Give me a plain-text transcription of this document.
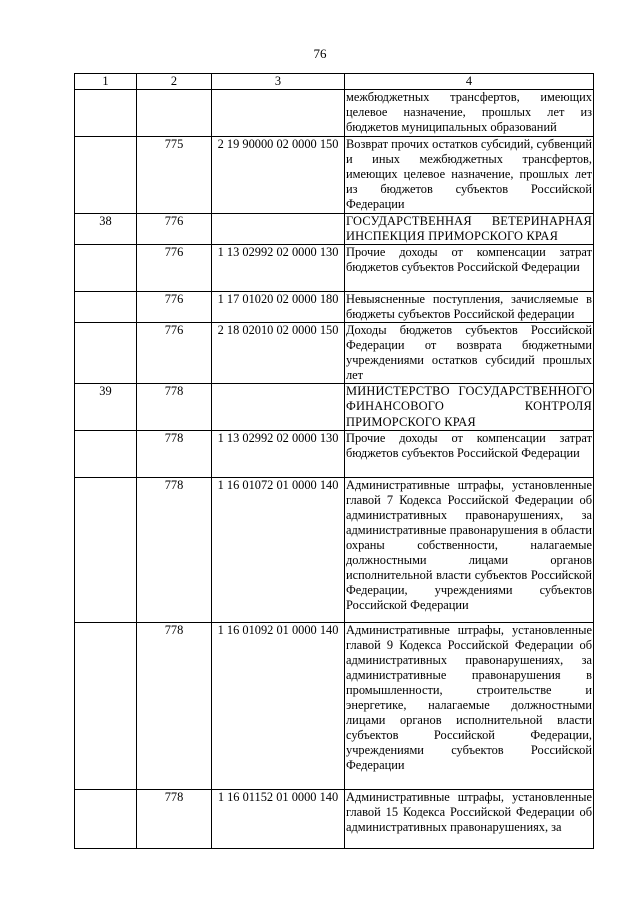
76
1	2	3	4
			межбюджетных трансфертов, имеющих целевое назначение, прошлых лет из бюджетов муниципальных образований
	775	2 19 90000 02 0000 150	Возврат прочих остатков субсидий, субвенций и иных межбюджетных трансфертов, имеющих целевое назначение, прошлых лет из бюджетов субъектов Российской Федерации
38	776		ГОСУДАРСТВЕННАЯ ВЕТЕРИНАРНАЯ ИНСПЕКЦИЯ ПРИМОРСКОГО КРАЯ
	776	1 13 02992 02 0000 130	Прочие доходы от компенсации затрат бюджетов субъектов Российской Федерации
	776	1 17 01020 02 0000 180	Невыясненные поступления, зачисляемые в бюджеты субъектов Российской федерации
	776	2 18 02010 02 0000 150	Доходы бюджетов субъектов Российской Федерации от возврата бюджетными учреждениями остатков субсидий прошлых лет
39	778		МИНИСТЕРСТВО ГОСУДАРСТВЕННОГО ФИНАНСОВОГО КОНТРОЛЯ ПРИМОРСКОГО КРАЯ
	778	1 13 02992 02 0000 130	Прочие доходы от компенсации затрат бюджетов субъектов Российской Федерации
	778	1 16 01072 01 0000 140	Административные штрафы, установленные главой 7 Кодекса Российской Федерации об административных правонарушениях, за административные правонарушения в области охраны собственности, налагаемые должностными лицами органов исполнительной власти субъектов Российской Федерации, учреждениями субъектов Российской Федерации
	778	1 16 01092 01 0000 140	Административные штрафы, установленные главой 9 Кодекса Российской Федерации об административных правонарушениях, за административные правонарушения в промышленности, строительстве и энергетике, налагаемые должностными лицами органов исполнительной власти субъектов Российской Федерации, учреждениями субъектов Российской Федерации
	778	1 16 01152 01 0000 140	Административные штрафы, установленные главой 15 Кодекса Российской Федерации об административных правонарушениях, за
